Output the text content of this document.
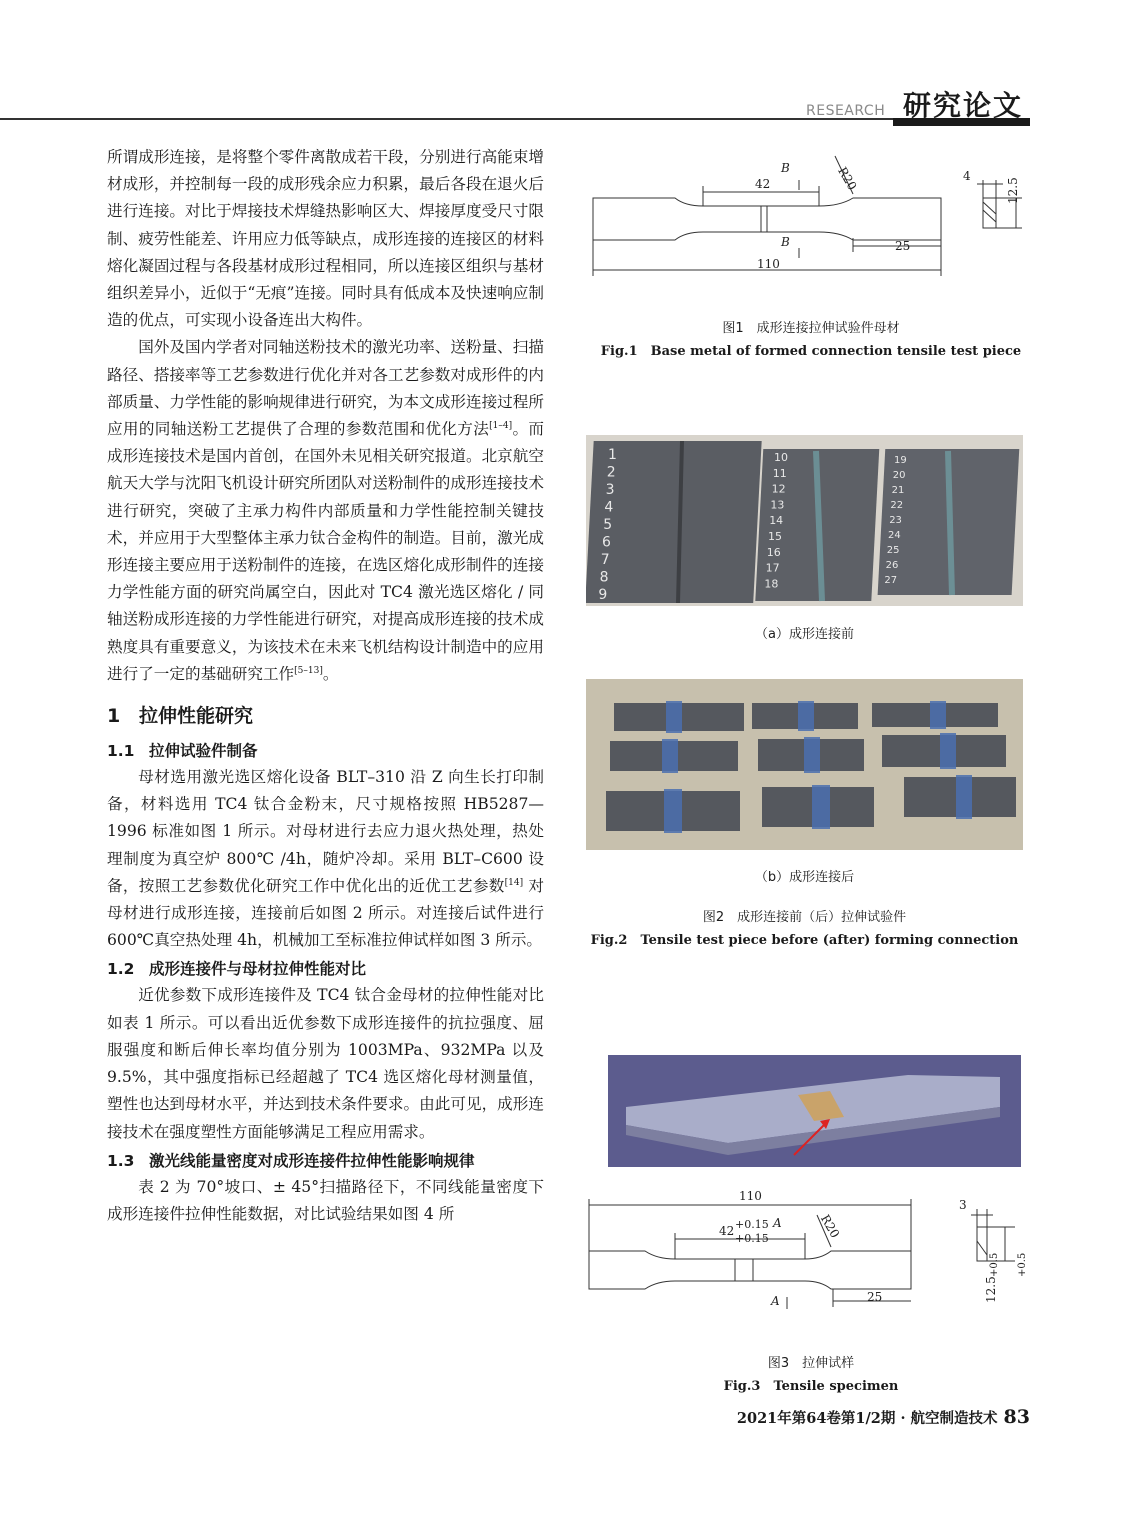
RESEARCH 研究论文

所谓成形连接，是将整个零件离散成若干段，分别进行高能束增材成形，并控制每一段的成形残余应力积累，最后各段在退火后进行连接。对比于焊接技术焊缝热影响区大、焊接厚度受尺寸限制、疲劳性能差、许用应力低等缺点，成形连接的连接区的材料熔化凝固过程与各段基材成形过程相同，所以连接区组织与基材组织差异小，近似于“无痕”连接。同时具有低成本及快速响应制造的优点，可实现小设备连出大构件。

国外及国内学者对同轴送粉技术的激光功率、送粉量、扫描路径、搭接率等工艺参数进行优化并对各工艺参数对成形件的内部质量、力学性能的影响规律进行研究，为本文成形连接过程所应用的同轴送粉工艺提供了合理的参数范围和优化方法[1–4]。而成形连接技术是国内首创，在国外未见相关研究报道。北京航空航天大学与沈阳飞机设计研究所团队对送粉制件的成形连接技术进行研究，突破了主承力构件内部质量和力学性能控制关键技术，并应用于大型整体主承力钛合金构件的制造。目前，激光成形连接主要应用于送粉制件的连接，在选区熔化成形制件的连接力学性能方面的研究尚属空白，因此对 TC4 激光选区熔化 / 同轴送粉成形连接的力学性能进行研究，对提高成形连接的技术成熟度具有重要意义，为该技术在未来飞机结构设计制造中的应用进行了一定的基础研究工作[5–13]。

1 拉伸性能研究
1.1 拉伸试验件制备

母材选用激光选区熔化设备 BLT–310 沿 Z 向生长打印制备，材料选用 TC4 钛合金粉末，尺寸规格按照 HB5287—1996 标准如图 1 所示。对母材进行去应力退火热处理，热处理制度为真空炉 800℃ /4h，随炉冷却。采用 BLT–C600 设备，按照工艺参数优化研究工作中优化出的近优工艺参数[14] 对母材进行成形连接，连接前后如图 2 所示。对连接后试件进行 600℃真空热处理 4h，机械加工至标准拉伸试样如图 3 所示。

1.2 成形连接件与母材拉伸性能对比

近优参数下成形连接件及 TC4 钛合金母材的拉伸性能对比如表 1 所示。可以看出近优参数下成形连接件的抗拉强度、屈服强度和断后伸长率均值分别为 1003MPa、932MPa 以及 9.5%，其中强度指标已经超越了 TC4 选区熔化母材测量值，塑性也达到母材水平，并达到技术条件要求。由此可见，成形连接技术在强度塑性方面能够满足工程应用需求。

1.3 激光线能量密度对成形连接件拉伸性能影响规律

表 2 为 70°坡口、± 45°扫描路径下，不同线能量密度下成形连接件拉伸性能数据，对比试验结果如图 4 所

42
B	R20	4
12.5
B	25
110
图1　成形连接拉伸试验件母材
Fig.1　Base metal of formed connection tensile test piece
1
2
3
4
5
6
7
8
9
10
11
12
13
14
15
16
17
18
19
20
21
22
23
24
25
26
27
（a）成形连接前
（b）成形连接后
图2　成形连接前（后）拉伸试验件
Fig.2　Tensile test piece before (after) forming connection
110
42 +0.15
+0.15
A	R20
A	25
3
12.5
+0.5 +0.5
图3　拉伸试样
Fig.3　Tensile specimen
2021年第64卷第1/2期 · 航空制造技术 83
